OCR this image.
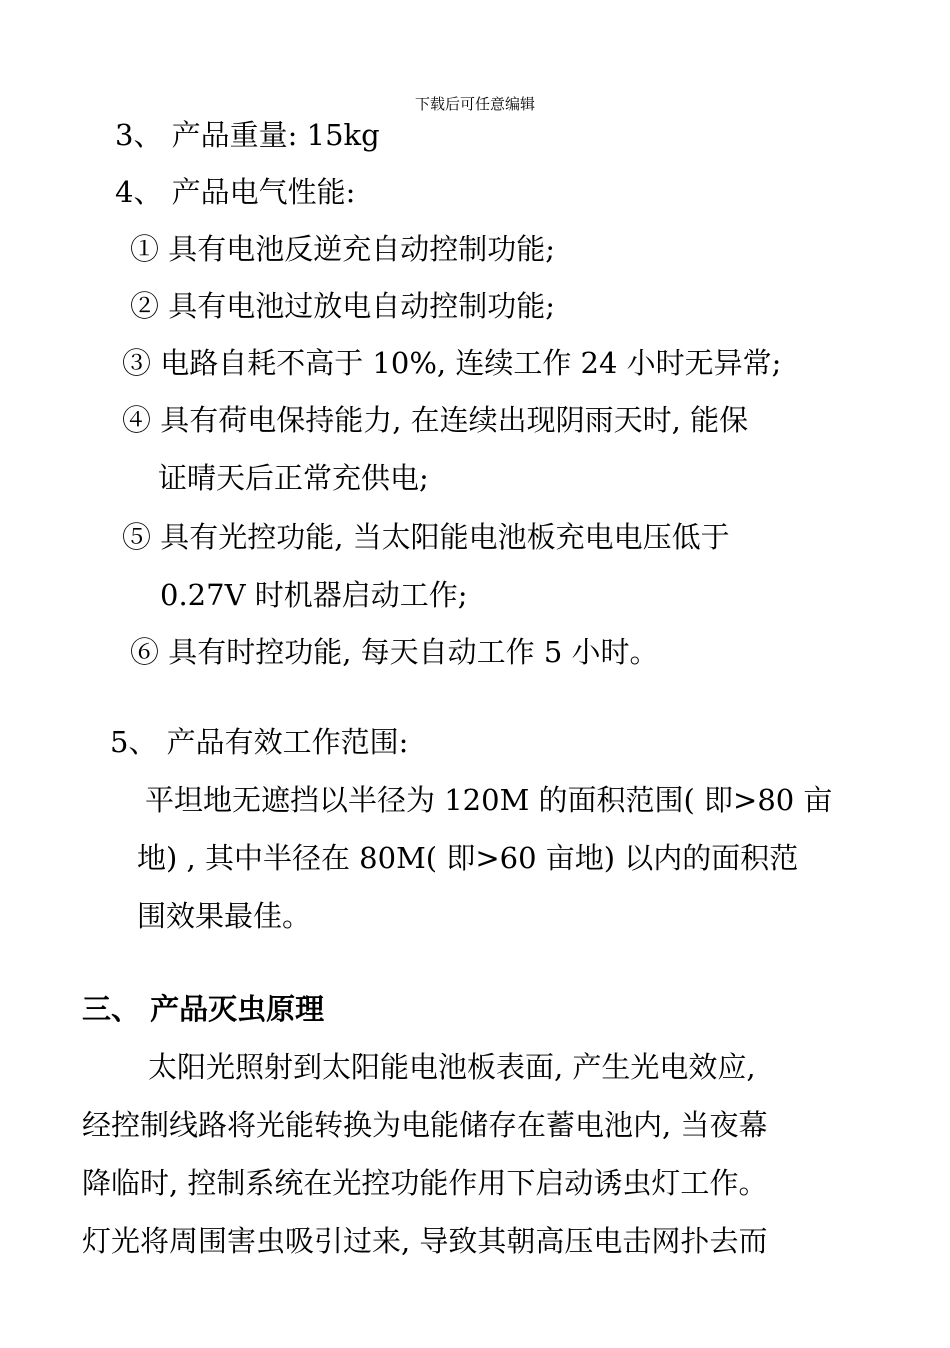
下载后可任意编辑
3、 产品重量: 15kg
4、 产品电气性能:
① 具有电池反逆充自动控制功能;
② 具有电池过放电自动控制功能;
③ 电路自耗不高于 10%, 连续工作 24 小时无异常;
④ 具有荷电保持能力, 在连续出现阴雨天时, 能保
证晴天后正常充供电;
⑤ 具有光控功能, 当太阳能电池板充电电压低于
0.27V 时机器启动工作;
⑥ 具有时控功能, 每天自动工作 5 小时。
5、 产品有效工作范围:
平坦地无遮挡以半径为 120M 的面积范围( 即>80 亩
地) , 其中半径在 80M( 即>60 亩地) 以内的面积范
围效果最佳。
三、 产品灭虫原理
太阳光照射到太阳能电池板表面, 产生光电效应,
经控制线路将光能转换为电能储存在蓄电池内, 当夜幕
降临时, 控制系统在光控功能作用下启动诱虫灯工作。
灯光将周围害虫吸引过来, 导致其朝高压电击网扑去而
